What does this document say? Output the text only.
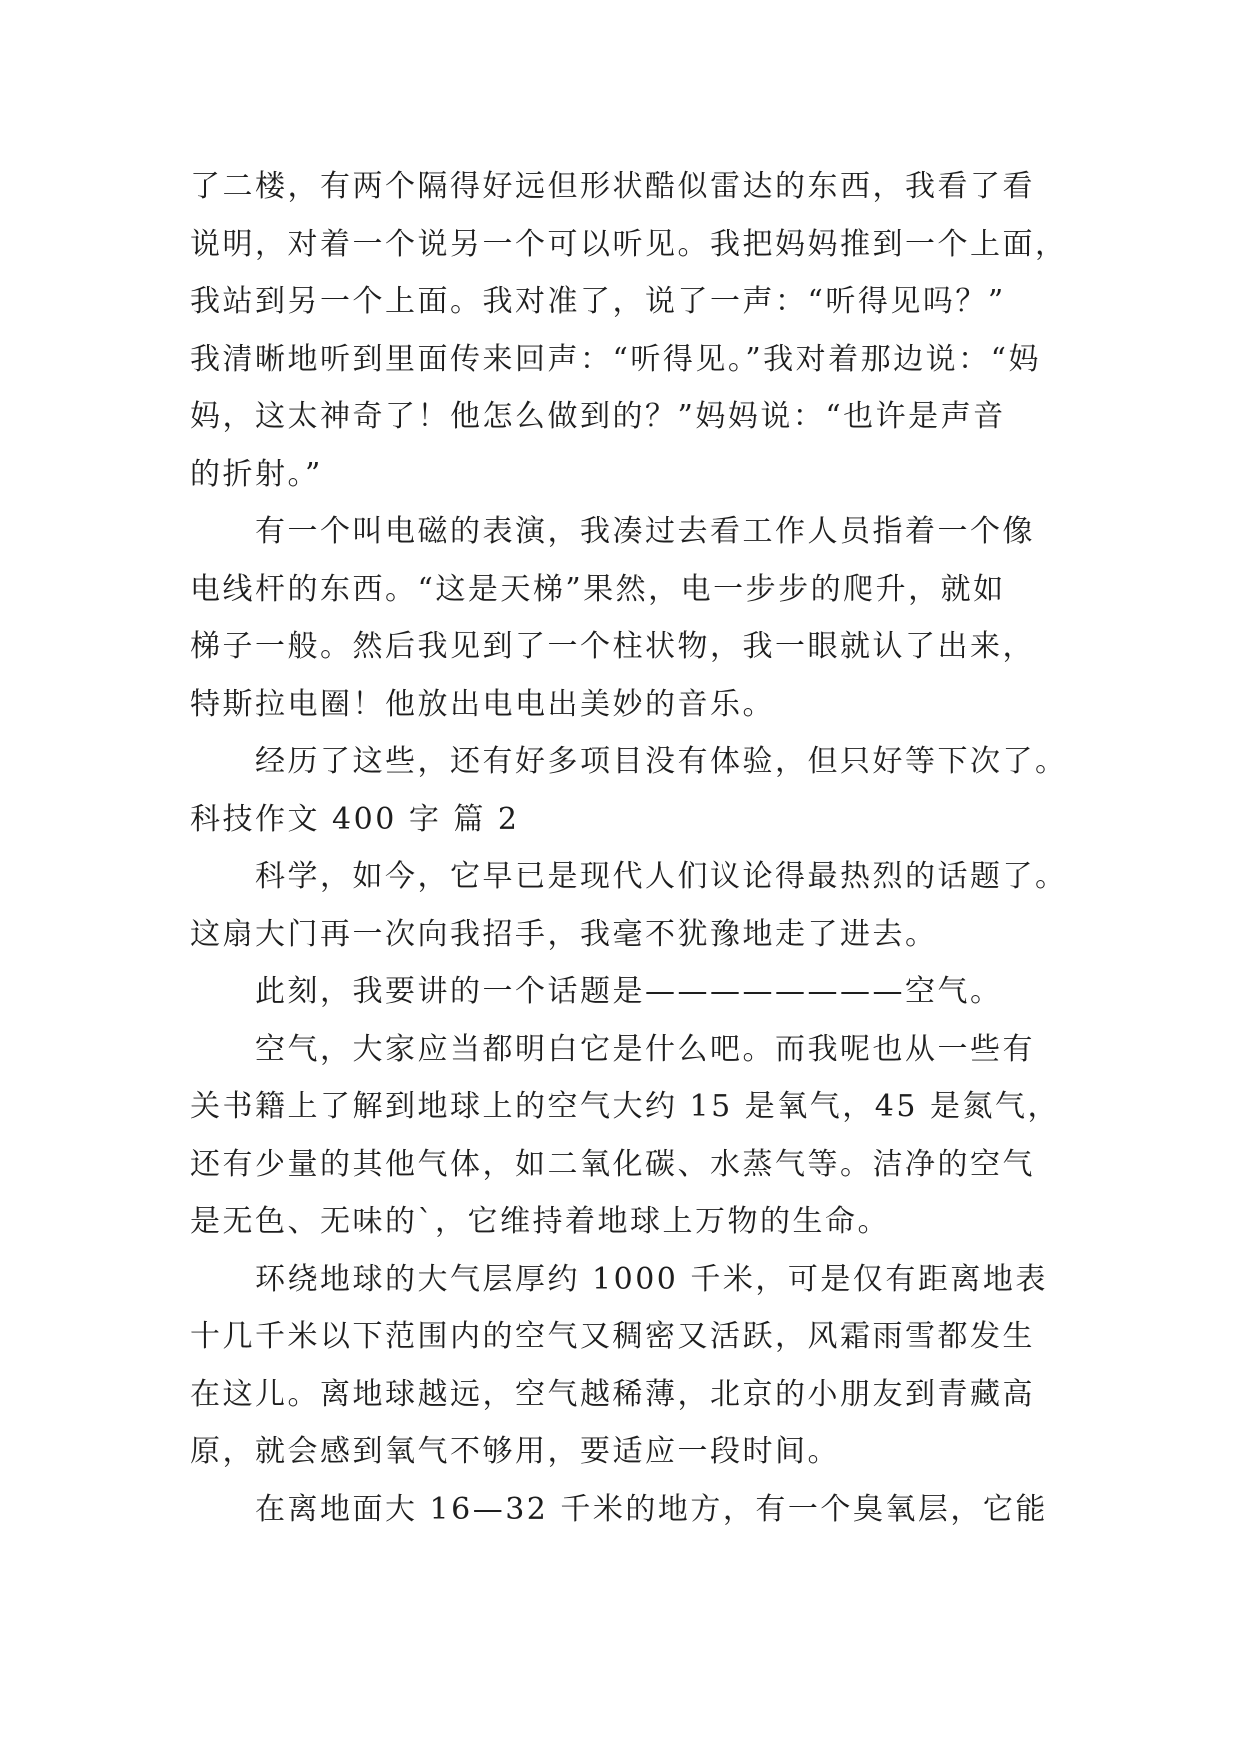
了二楼，有两个隔得好远但形状酷似雷达的东西，我看了看
说明，对着一个说另一个可以听见。我把妈妈推到一个上面，
我站到另一个上面。我对准了，说了一声：“听得见吗？”
我清晰地听到里面传来回声：“听得见。”我对着那边说：“妈
妈，这太神奇了！他怎么做到的？”妈妈说：“也许是声音
的折射。”

有一个叫电磁的表演，我凑过去看工作人员指着一个像
电线杆的东西。“这是天梯”果然，电一步步的爬升，就如
梯子一般。然后我见到了一个柱状物，我一眼就认了出来，
特斯拉电圈！他放出电电出美妙的音乐。

经历了这些，还有好多项目没有体验，但只好等下次了。

科技作文 400 字 篇 2

科学，如今，它早已是现代人们议论得最热烈的话题了。
这扇大门再一次向我招手，我毫不犹豫地走了进去。

此刻，我要讲的一个话题是————————空气。

空气，大家应当都明白它是什么吧。而我呢也从一些有
关书籍上了解到地球上的空气大约 15 是氧气，45 是氮气，
还有少量的其他气体，如二氧化碳、水蒸气等。洁净的空气
是无色、无味的`，它维持着地球上万物的生命。

环绕地球的大气层厚约 1000 千米，可是仅有距离地表
十几千米以下范围内的空气又稠密又活跃，风霜雨雪都发生
在这儿。离地球越远，空气越稀薄，北京的小朋友到青藏高
原，就会感到氧气不够用，要适应一段时间。

在离地面大 16—32 千米的地方，有一个臭氧层，它能
